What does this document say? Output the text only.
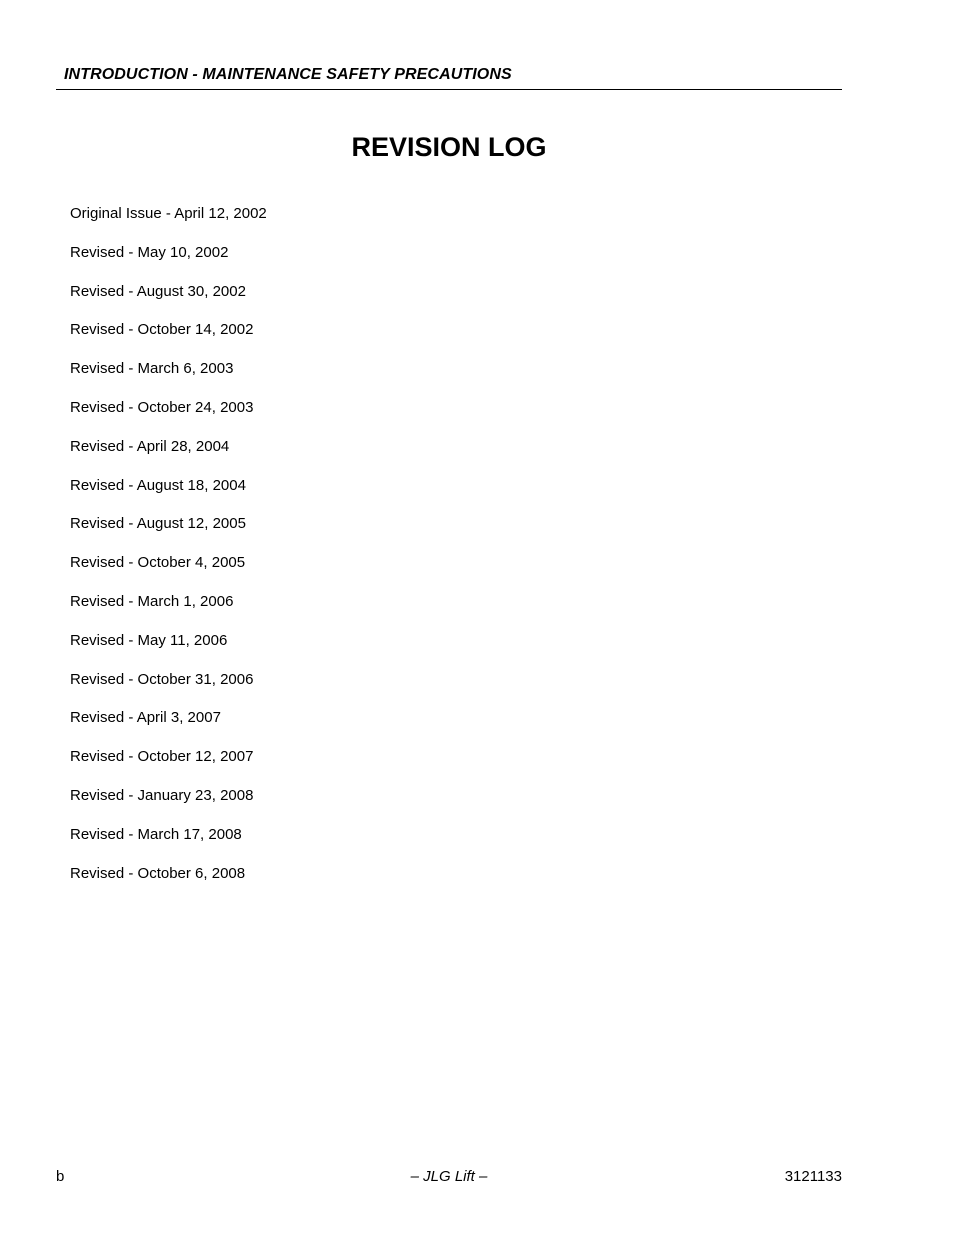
INTRODUCTION - MAINTENANCE SAFETY PRECAUTIONS
REVISION LOG
Original Issue - April 12, 2002
Revised - May 10, 2002
Revised - August 30, 2002
Revised - October 14, 2002
Revised - March 6, 2003
Revised - October 24, 2003
Revised - April 28, 2004
Revised - August 18, 2004
Revised - August 12, 2005
Revised - October 4, 2005
Revised - March 1, 2006
Revised - May 11, 2006
Revised - October 31, 2006
Revised - April 3, 2007
Revised - October 12, 2007
Revised - January 23, 2008
Revised - March 17, 2008
Revised - October 6, 2008
b	– JLG Lift –	3121133
